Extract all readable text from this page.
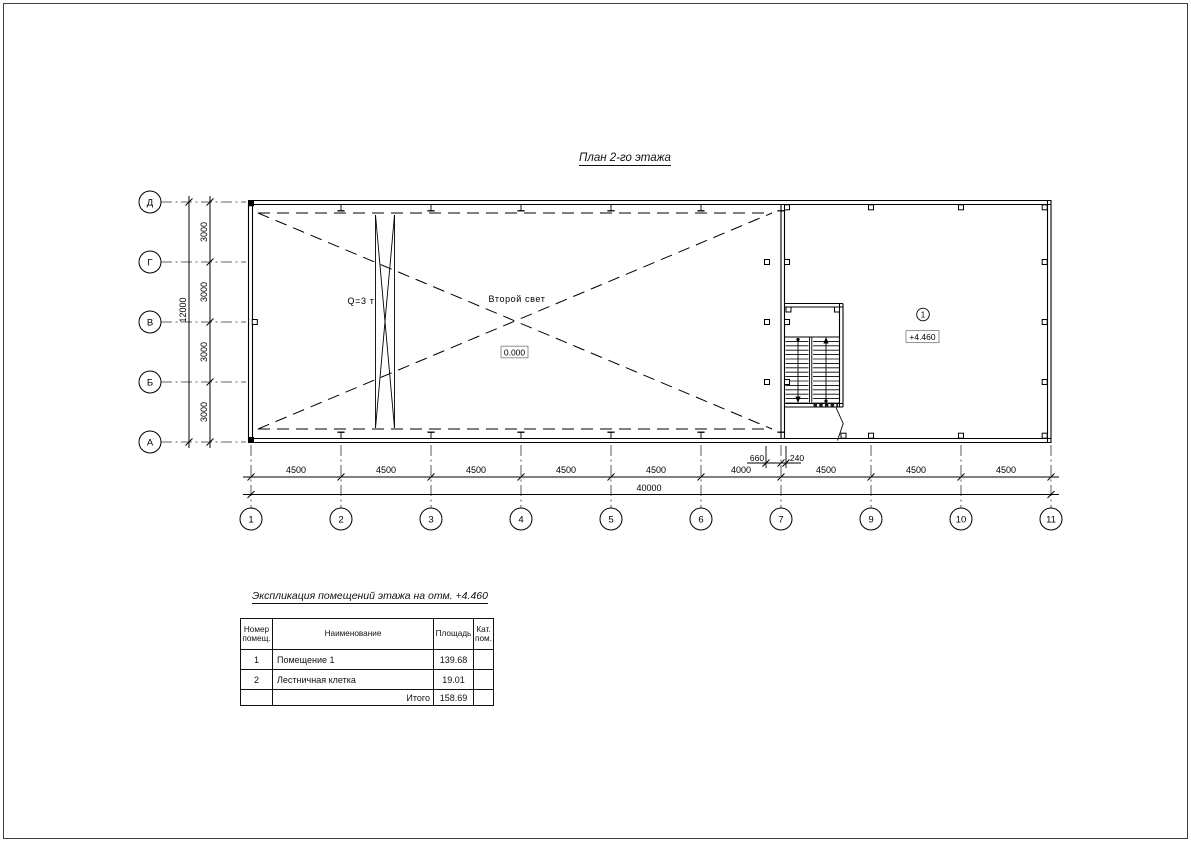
План 2-го этажа
4500	4500	4500	4500	4500	4000	4500	4500	4500
3000
3000
3000
3000
1	2	3	4	5	6	7	9	10	11
Д
Г
В
Б
А
40000
12000
660	240
Второй свет
Q=3 т
0.000
1
+4.460
Экспликация помещений этажа на отм. +4.460
Номер помещ.	Наименование	Площадь	Кат. пом.
1	Помещение 1	139.68	
2	Лестничная клетка	19.01	
	Итого	158.69	
